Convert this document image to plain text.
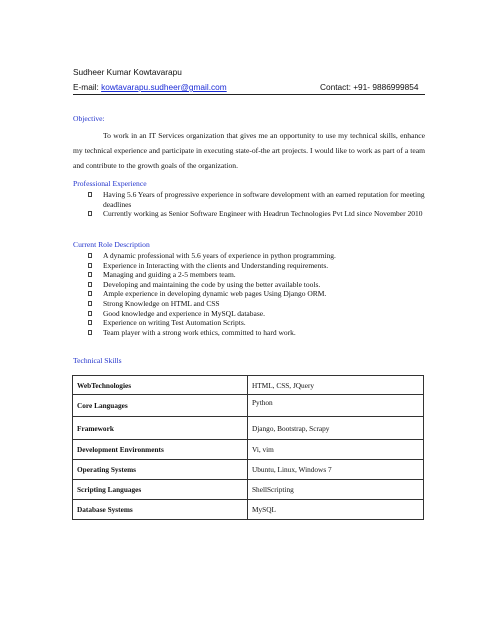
Sudheer Kumar Kowtavarapu
E-mail: kowtavarapu.sudheer@gmail.com	Contact: +91- 9886999854
Objective:
To work in an IT Services organization that gives me an opportunity to use my technical skills, enhance my technical experience and participate in executing state-of-the art projects. I would like to work as part of a team and contribute to the growth goals of the organization.
Professional Experience
Having 5.6 Years of progressive experience in software development with an earned reputation for meeting deadlines
Currently working as Senior Software Engineer with Headrun Technologies Pvt Ltd since November 2010
Current Role Description
A dynamic professional with 5.6 years of experience in python programming.
Experience in Interacting with the clients and Understanding requirements.
Managing and guiding a 2-5 members team.
Developing and maintaining the code by using the better available tools.
Ample experience in developing dynamic web pages Using Django ORM.
Strong Knowledge on HTML and CSS
Good knowledge and experience in MySQL database.
Experience on writing Test Automation Scripts.
Team player with a strong work ethics, committed to hard work.
Technical Skills
WebTechnologies	HTML, CSS, JQuery
Core Languages	Python
Framework	Django, Bootstrap, Scrapy
Development Environments	Vi, vim
Operating Systems	Ubuntu, Linux, Windows 7
Scripting Languages	ShellScripting
Database Systems	MySQL
